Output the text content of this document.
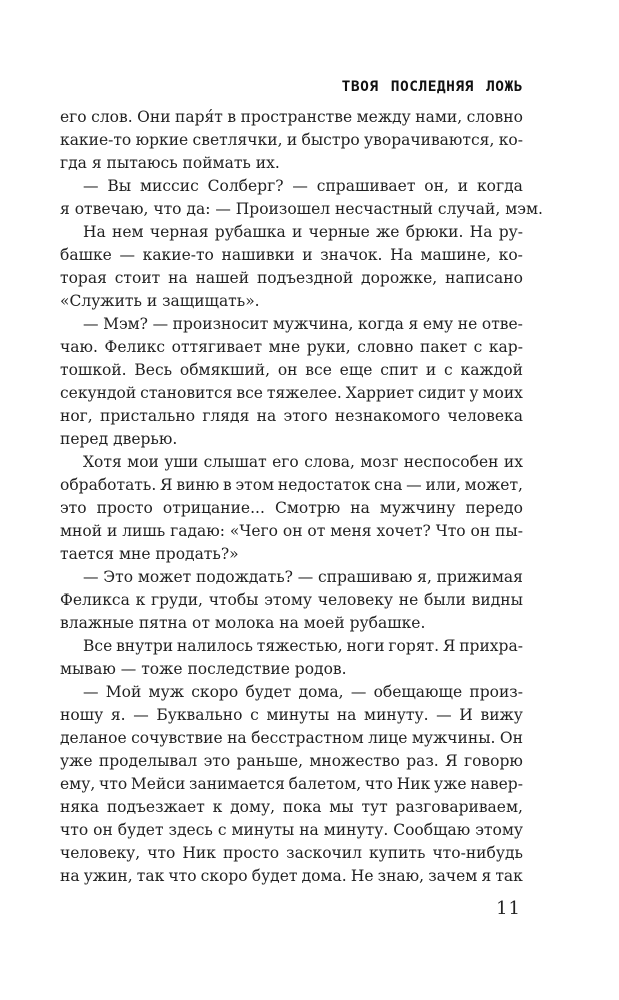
ТВОЯ ПОСЛЕДНЯЯ ЛОЖЬ
его слов. Они паря́т в пространстве между нами, словно
какие-то юркие светлячки, и быстро уворачиваются, ко-
гда я пытаюсь поймать их.
— Вы миссис Солберг? — спрашивает он, и когда
я отвечаю, что да: — Произошел несчастный случай, мэм.
На нем черная рубашка и черные же брюки. На ру-
башке — какие-то нашивки и значок. На машине, ко-
торая стоит на нашей подъездной дорожке, написано
«Служить и защищать».
— Мэм? — произносит мужчина, когда я ему не отве-
чаю. Феликс оттягивает мне руки, словно пакет с кар-
тошкой. Весь обмякший, он все еще спит и с каждой
секундой становится все тяжелее. Харриет сидит у моих
ног, пристально глядя на этого незнакомого человека
перед дверью.
Хотя мои уши слышат его слова, мозг неспособен их
обработать. Я виню в этом недостаток сна — или, может,
это просто отрицание... Смотрю на мужчину передо
мной и лишь гадаю: «Чего он от меня хочет? Что он пы-
тается мне продать?»
— Это может подождать? — спрашиваю я, прижимая
Феликса к груди, чтобы этому человеку не были видны
влажные пятна от молока на моей рубашке.
Все внутри налилось тяжестью, ноги горят. Я прихра-
мываю — тоже последствие родов.
— Мой муж скоро будет дома, — обещающе произ-
ношу я. — Буквально с минуты на минуту. — И вижу
деланое сочувствие на бесстрастном лице мужчины. Он
уже проделывал это раньше, множество раз. Я говорю
ему, что Мейси занимается балетом, что Ник уже навер-
няка подъезжает к дому, пока мы тут разговариваем,
что он будет здесь с минуты на минуту. Сообщаю этому
человеку, что Ник просто заскочил купить что-нибудь
на ужин, так что скоро будет дома. Не знаю, зачем я так
11
